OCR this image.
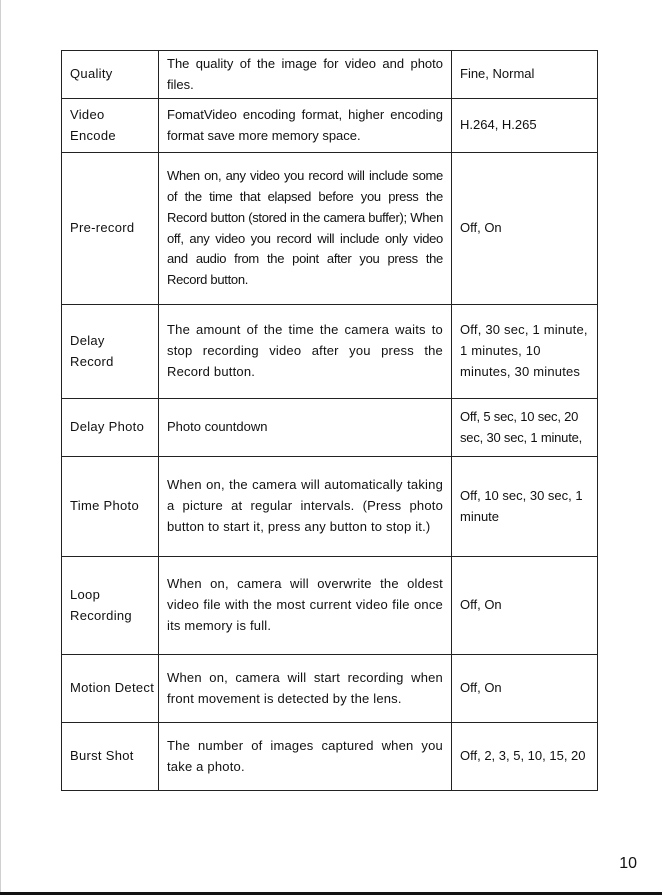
Quality	The quality of the image for video and photo files.	Fine, Normal
Video Encode	FomatVideo encoding format, higher encoding format save more memory space.	H.264, H.265
Pre-record	When on, any video you record will include some of the time that elapsed before you press the Record button (stored in the camera buffer); When off, any video you record will include only video and audio from the point after you press the Record button.	Off, On
Delay Record	The amount of the time the camera waits to stop recording video after you press the Record button.	Off, 30 sec, 1 minute, 1 minutes, 10 minutes, 30 minutes
Delay Photo	Photo countdown	Off, 5 sec, 10 sec, 20 sec, 30 sec, 1 minute,
Time Photo	When on, the camera will automatically taking a picture at regular intervals. (Press photo button to start it, press any button to stop it.)	Off, 10 sec, 30 sec, 1 minute
Loop Recording	When on, camera will overwrite the oldest video file with the most current video file once its memory is full.	Off, On
Motion Detect	When on, camera will start recording when front movement is detected by the lens.	Off, On
Burst Shot	The number of images captured when you take a photo.	Off, 2, 3, 5, 10, 15, 20
10
